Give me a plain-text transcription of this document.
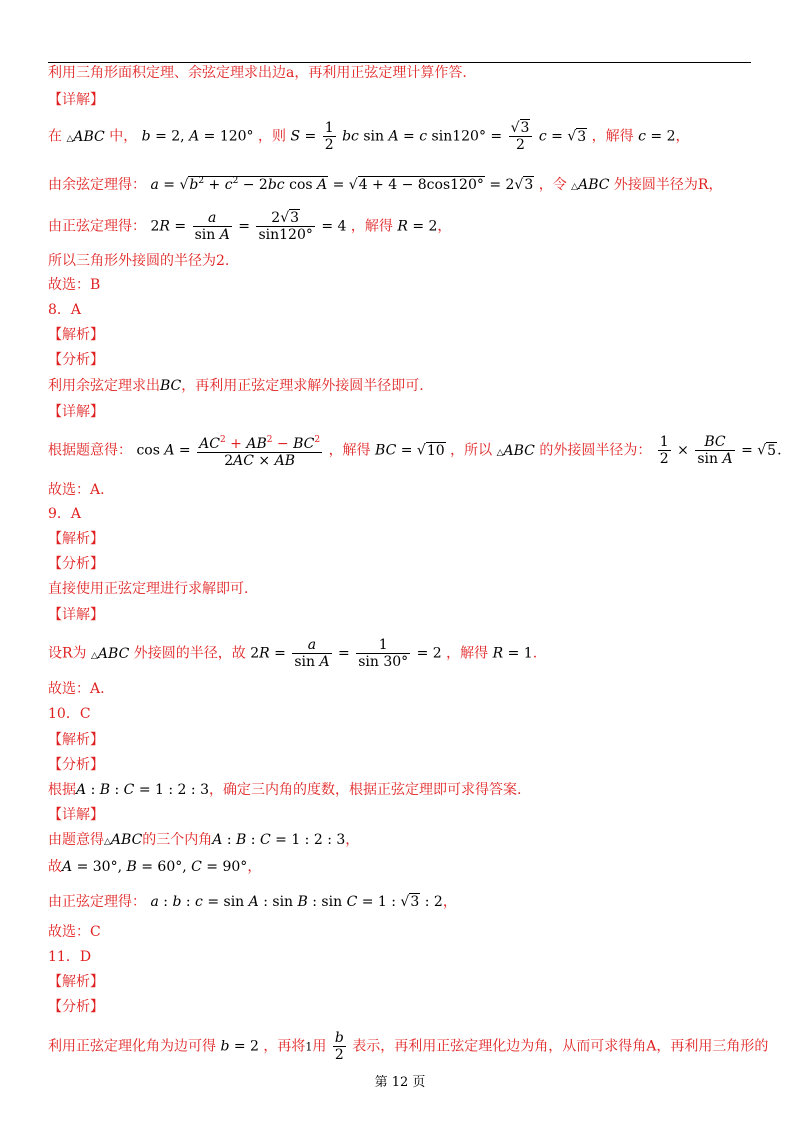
利用三角形面积定理、余弦定理求出边a，再利用正弦定理计算作答.
【详解】
在 △ABC 中， b = 2, A = 120° ，则 $S = \frac{1}{2}$ bc sin A = c $\sin 120^\circ = \frac{√3}{2}$ c = √3 ，解得 c = 2，
由余弦定理得： $a = √b^2 + c^2 - 2bc$ cos A = √4 + 4 − 8cos120° = 2√3 ，令 △ABC 外接圆半径为R，
由正弦定理得： $2R = \frac{a}{\text{sin A}} = \frac{2√3}{\sin 120^\circ} = 4$ ，解得 R = 2，
所以三角形外接圆的半径为2.
故选：B
8．A
【解析】
【分析】
利用余弦定理求出BC，再利用正弦定理求解外接圆半径即可.
【详解】
根据题意得： $\cos A = \frac{AC^2 + AB^2 - BC^2}{2AC \times AB}$ ，解得 BC = √10 ，所以 △ABC 的外接圆半径为： $\frac{1}{2} \times \frac{BC}{\text{sin A}} = √5$.
故选：A.
9．A
【解析】
【分析】
直接使用正弦定理进行求解即可.
【详解】
设R为 △ABC 外接圆的半径，故 $2R = \frac{a}{\text{sin A}} = \frac{1}{\sin 30^\circ} = 2$ ，解得 R = 1.
故选：A.
10．C
【解析】
【分析】
根据A : B : C = 1 : 2 : 3，确定三内角的度数，根据正弦定理即可求得答案.
【详解】
由题意得△ABC的三个内角A : B : C = 1 : 2 : 3，
故A = 30°, B = 60°, C = 90°，
由正弦定理得： a : b : c = sin A : sin B : sin C = 1 : √3 : 2，
故选：C
11．D
【解析】
【分析】
利用正弦定理化角为边可得 b = 2 ，再将1用 $\frac{b}{2}$ 表示，再利用正弦定理化边为角，从而可求得角A，再利用三角形的
第 12 页
